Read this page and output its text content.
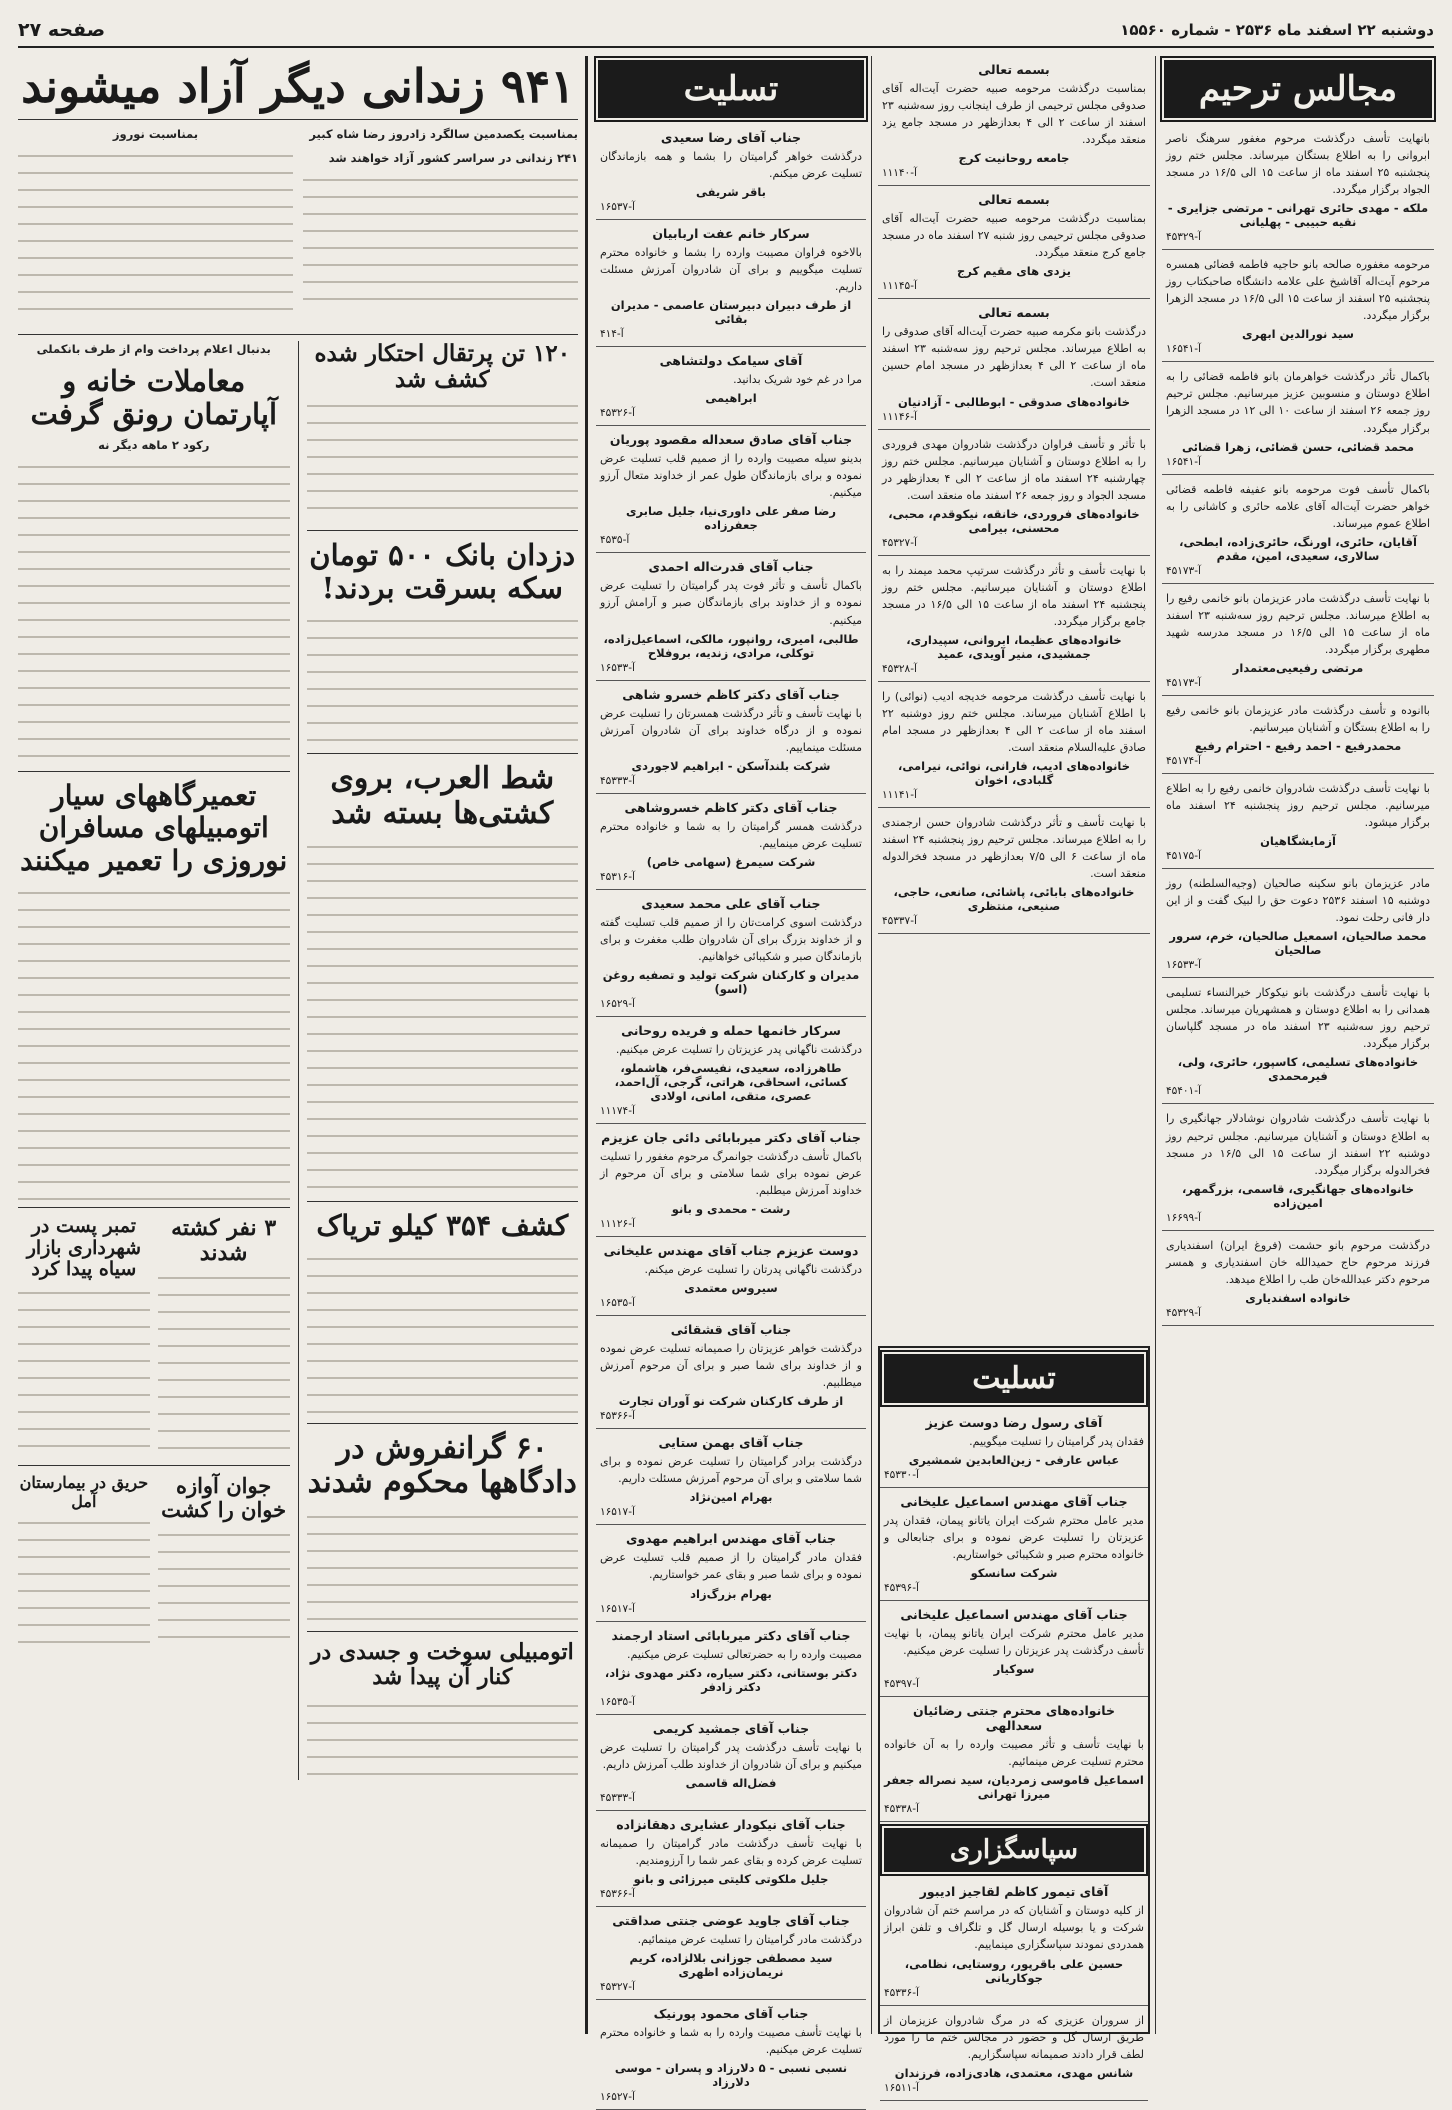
دوشنبه ۲۲ اسفند ماه ۲۵۳۶ - شماره ۱۵۵۶۰
صفحه ۲۷
مجالس ترحیم
بانهایت تأسف درگذشت مرحوم مغفور سرهنگ ناصر ابروانی را به اطلاع بستگان میرساند. مجلس ختم روز پنجشنبه ۲۵ اسفند ماه از ساعت ۱۵ الی ۱۶/۵ در مسجد الجواد برگزار میگردد.
ملکه - مهدی حائری تهرانی - مرتضی جزایری - نقیه حبیبی - پهلیانی
آ-۴۵۳۲۹
مرحومه مغفوره صالحه بانو حاجیه فاطمه قضائی همسره مرحوم آیت‌اله آقا‌شیخ علی علامه دانشگاه صاحبکتاب روز پنجشنبه ۲۵ اسفند از ساعت ۱۵ الی ۱۶/۵ در مسجد الزهرا برگزار میگردد.
سید نورالدین ابهری
آ-۱۶۵۴۱
باکمال تأثر درگذشت خواهرمان بانو فاطمه قضائی را به اطلاع دوستان و منسوبین عزیز میرسانیم. مجلس ترحیم روز جمعه ۲۶ اسفند از ساعت ۱۰ الی ۱۲ در مسجد الزهرا برگزار میگردد.
محمد قضائی، حسن قضائی، زهرا قضائی
آ-۱۶۵۴۱
باکمال تأسف فوت مرحومه بانو عفیفه فاطمه قضائی خواهر حضرت آیت‌اله آقای علامه حائری و کاشانی را به اطلاع عموم میرساند.
آقایان، حائری، اورنگ، حائری‌زاده، ابطحی، سالاری، سعیدی، امین، مقدم
آ-۴۵۱۷۳
با نهایت تأسف درگذشت مادر عزیزمان بانو خانمی رفیع را به اطلاع میرساند. مجلس ترحیم روز سه‌شنبه ۲۳ اسفند ماه از ساعت ۱۵ الی ۱۶/۵ در مسجد مدرسه شهید مطهری برگزار میگردد.
مرتضی رفیعیی‌معتمدار
آ-۴۵۱۷۳
باانوده و تأسف درگذشت مادر عزیزمان بانو خانمی رفیع را به اطلاع بستگان و آشنایان میرسانیم.
محمدرفیع - احمد رفیع - احترام رفیع
آ-۴۵۱۷۴
با نهایت تأسف درگذشت شادروان خانمی رفیع را به اطلاع میرسانیم. مجلس ترحیم روز پنجشنبه ۲۴ اسفند ماه برگزار میشود.
آزمایشگاهیان
آ-۴۵۱۷۵
مادر عزیزمان بانو سکینه صالحیان (وجیه‌السلطنه) روز دوشنبه ۱۵ اسفند ۲۵۳۶ دعوت حق را لبیک گفت و از این دار فانی رحلت نمود.
محمد صالحیان، اسمعیل صالحیان، خرم، سرور صالحیان
آ-۱۶۵۳۳
با نهایت تأسف درگذشت بانو نیکوکار خیرالنساء تسلیمی همدانی را به اطلاع دوستان و همشهریان میرساند. مجلس ترحیم روز سه‌شنبه ۲۳ اسفند ماه در مسجد گلپاسان برگزار میگردد.
خانواده‌های تسلیمی، کاسپور، حائری، ولی، فیرمحمدی
آ-۴۵۴۰۱
با نهایت تأسف درگذشت شادروان نوشادلار جهانگیری را به اطلاع دوستان و آشنایان میرسانیم. مجلس ترحیم روز دوشنبه ۲۲ اسفند از ساعت ۱۵ الی ۱۶/۵ در مسجد فخرالدوله برگزار میگردد.
خانواده‌های جهانگیری، قاسمی، بزرگمهر، امین‌زاده
آ-۱۶۶۹۹
درگذشت مرحوم بانو حشمت (فروغ ایران) اسفندیاری فرزند مرحوم حاج حمیدالله خان اسفندیاری و همسر مرحوم دکتر عبدالله‌خان طب را اطلاع میدهد.
خانواده اسفندیاری
آ-۴۵۳۲۹
بسمه تعالی
بمناسبت درگذشت مرحومه صبیه حضرت آیت‌اله آقای صدوقی مجلس ترحیمی از طرف اینجانب روز سه‌شنبه ۲۳ اسفند از ساعت ۲ الی ۴ بعدازظهر در مسجد جامع یزد منعقد میگردد.
جامعه روحانیت کرج
آ-۱۱۱۴۰
بسمه تعالی
بمناسبت درگذشت مرحومه صبیه حضرت آیت‌اله آقای صدوقی مجلس ترحیمی روز شنبه ۲۷ اسفند ماه در مسجد جامع کرج منعقد میگردد.
یزدی های مقیم کرج
آ-۱۱۱۴۵
بسمه تعالی
درگذشت بانو مکرمه صبیه حضرت آیت‌اله آقای صدوقی را به اطلاع میرساند. مجلس ترحیم روز سه‌شنبه ۲۳ اسفند ماه از ساعت ۲ الی ۴ بعدازظهر در مسجد امام حسین منعقد است.
خانواده‌های صدوقی - ابوطالبی - آزادنیان
آ-۱۱۱۴۶
با تأثر و تأسف فراوان درگذشت شادروان مهدی فروردی را به اطلاع دوستان و آشنایان میرسانیم. مجلس ختم روز چهارشنبه ۲۴ اسفند ماه از ساعت ۲ الی ۴ بعدازظهر در مسجد الجواد و روز جمعه ۲۶ اسفند ماه منعقد است.
خانواده‌های فروردی، خانقه، نیکوقدم، محبی، محسنی، بیرامی
آ-۴۵۳۲۷
با نهایت تأسف و تأثر درگذشت سرتیپ محمد میمند را به اطلاع دوستان و آشنایان میرسانیم. مجلس ختم روز پنجشنبه ۲۴ اسفند ماه از ساعت ۱۵ الی ۱۶/۵ در مسجد جامع برگزار میگردد.
خانواده‌های عظیما، ابروانی، سپیداری، جمشیدی، منیر آویدی، عمید
آ-۴۵۳۲۸
با نهایت تأسف درگذشت مرحومه خدیجه ادیب (نوائی) را با اطلاع آشنایان میرساند. مجلس ختم روز دوشنبه ۲۲ اسفند ماه از ساعت ۲ الی ۴ بعدازظهر در مسجد امام صادق علیه‌السلام منعقد است.
خانواده‌های ادیب، فارانی، نوائی، نیرامی، گلبادی، اخوان
آ-۱۱۱۴۱
با نهایت تأسف و تأثر درگذشت شادروان حسن ارجمندی را به اطلاع میرساند. مجلس ترحیم روز پنجشنبه ۲۴ اسفند ماه از ساعت ۶ الی ۷/۵ بعدازظهر در مسجد فخرالدوله منعقد است.
خانواده‌های بابائی، پاشائی، صانعی، حاجی، صنیعی، منتظری
آ-۴۵۳۳۷
تسلیت
جناب آقای رضا سعیدی
درگذشت خواهر گرامیتان را بشما و همه بازماندگان تسلیت عرض میکنم.
باقر شریفی
آ-۱۶۵۳۷
سرکار خانم عفت اربابیان
بالاخوه فراوان مصیبت وارده را بشما و خانواده محترم تسلیت میگوییم و برای آن شادروان آمرزش مسئلت داریم.
از طرف دبیران دبیرستان عاصمی - مدیران بقائی
آ-۴۱۴
آقای سیامک دولتشاهی
مرا در غم خود شریک بدانید.
ابراهیمی
آ-۴۵۳۲۶
جناب آقای صادق سعداله مقصود پوریان
بدینو سیله مصیبت وارده را از صمیم قلب تسلیت عرض نموده و برای بازماندگان طول عمر از خداوند متعال آرزو میکنیم.
رضا صفر علی داوری‌نیا، جلیل صابری جعفرزاده
آ-۴۵۳۵
جناب آقای قدرت‌اله احمدی
باکمال تأسف و تأثر فوت پدر گرامیتان را تسلیت عرض نموده و از خداوند برای بازماندگان صبر و آرامش آرزو میکنیم.
طالبی، امیری، روانپور، مالکی، اسماعیل‌زاده، توکلی، مرادی، زندیه، بروفلاح
آ-۱۶۵۳۳
جناب آقای دکتر کاظم خسرو شاهی
با نهایت تأسف و تأثر درگذشت همسرتان را تسلیت عرض نموده و از درگاه خداوند برای آن شادروان آمرزش مسئلت مینماییم.
شرکت بلند‌آسکن - ابراهیم لاجوردی
آ-۴۵۳۳۳
جناب آقای دکتر کاظم خسروشاهی
درگذشت همسر گرامیتان را به شما و خانواده محترم تسلیت عرض مینماییم.
شرکت سیمرغ (سهامی خاص)
آ-۴۵۳۱۶
جناب آقای علی محمد سعیدی
درگذشت اسوی کرامت‌تان را از صمیم قلب تسلیت گفته و از خداوند بزرگ برای آن شادروان طلب مغفرت و برای بازماندگان صبر و شکیبائی خواهانیم.
مدیران و کارکنان شرکت تولید و تصفیه روغن (اسو)
آ-۱۶۵۲۹
سرکار خانمها حمله و فریده روحانی
درگذشت ناگهانی پدر عزیزتان را تسلیت عرض میکنیم.
طاهرزاده، سعیدی، نفیسی‌فر، هاشملو، کسائی، اسحاقی، هراتی، گرجی، آل‌احمد، عصری، متقی، امانی، اولادی
آ-۱۱۱۷۴
جناب آقای دکتر میربابائی دائی جان عزیزم
باکمال تأسف درگذشت جوانمرگ مرحوم مغفور را تسلیت عرض نموده برای شما سلامتی و برای آن مرحوم از خداوند آمرزش میطلبم.
رشت - محمدی و بانو
آ-۱۱۱۲۶
دوست عزیزم جناب آقای مهندس علیخانی
درگذشت ناگهانی پدرتان را تسلیت عرض میکنم.
سیروس معتمدی
آ-۱۶۵۳۵
جناب آقای قشقائی
درگذشت خواهر عزیزتان را صمیمانه تسلیت عرض نموده و از خداوند برای شما صبر و برای آن مرحوم آمرزش میطلبیم.
از طرف کارکنان شرکت نو آوران تجارت
آ-۴۵۳۶۶
جناب آقای بهمن ستایی
درگذشت برادر گرامیتان را تسلیت عرض نموده و برای شما سلامتی و برای آن مرحوم آمرزش مسئلت داریم.
بهرام امین‌نژاد
آ-۱۶۵۱۷
جناب آقای مهندس ابراهیم مهدوی
فقدان مادر گرامیتان را از صمیم قلب تسلیت عرض نموده و برای شما صبر و بقای عمر خواستاریم.
بهرام بزرگ‌زاد
آ-۱۶۵۱۷
جناب آقای دکتر میربابائی استاد ارجمند
مصیبت وارده را به حضرتعالی تسلیت عرض میکنیم.
دکتر بوستانی، دکتر سیاره، دکتر مهدوی نژاد، دکتر زادفر
آ-۱۶۵۳۵
جناب آقای جمشید کریمی
با نهایت تأسف درگذشت پدر گرامیتان را تسلیت عرض میکنیم و برای آن شادروان از خداوند طلب آمرزش داریم.
فضل‌اله قاسمی
آ-۴۵۳۳۳
جناب آقای نیکودار عشایری دهقانزاده
با نهایت تأسف درگذشت مادر گرامیتان را صمیمانه تسلیت عرض کرده و بقای عمر شما را آرزومندیم.
جلیل ملکوتی کلیتی میرزائی و بانو
آ-۴۵۳۶۶
جناب آقای جاوید عوضی جنتی صداقتی
درگذشت مادر گرامیتان را تسلیت عرض مینمائیم.
سید مصطفی جوزانی بلالزاده، کریم نریمان‌زاده اظهری
آ-۴۵۳۲۷
جناب آقای محمود پورنیک
با نهایت تأسف مصیبت وارده را به شما و خانواده محترم تسلیت عرض میکنیم.
نسبی نسبی - ۵ دلارزاد و پسران - موسی دلارزاد
آ-۱۶۵۲۷
تسلیت
آقای رسول رضا دوست عزیز
فقدان پدر گرامیتان را تسلیت میگوییم.
عباس عارفی - زین‌العابدین شمشیری
آ-۴۵۳۳۰
جناب آقای مهندس اسماعیل علیخانی
مدیر عامل محترم شرکت ایران یاتانو پیمان، فقدان پدر عزیزتان را تسلیت عرض نموده و برای جنابعالی و خانواده محترم صبر و شکیبائی خواستاریم.
شرکت سانسکو
آ-۴۵۳۹۶
جناب آقای مهندس اسماعیل علیخانی
مدیر عامل محترم شرکت ایران یاتانو پیمان، با نهایت تأسف درگذشت پدر عزیزتان را تسلیت عرض میکنیم.
سوکیار
آ-۴۵۳۹۷
خانواده‌های محترم جنتی رضائیان سعدالهی
با نهایت تأسف و تأثر مصیبت وارده را به آن خانواده محترم تسلیت عرض مینمائیم.
اسماعیل قاموسی زمردیان، سید نصراله جعفر میرزا تهرانی
آ-۴۵۳۳۸
سپاسگزاری
آقای تیمور کاظم لقاجیز ادیبور
از کلیه دوستان و آشنایان که در مراسم ختم آن شادروان شرکت و یا بوسیله ارسال گل و تلگراف و تلفن ابراز همدردی نمودند سپاسگزاری مینماییم.
حسین علی باقرپور، روستایی، نظامی، جوکاریانی
آ-۴۵۳۳۶
از سروران عزیزی که در مرگ شادروان عزیزمان از طریق ارسال گل و حضور در مجالس ختم ما را مورد لطف قرار دادند صمیمانه سپاسگزاریم.
شانس مهدی، معتمدی، هادی‌زاده، فرزندان
آ-۱۶۵۱۱
۹۴۱ زندانی دیگر آزاد میشوند

بمناسبت یکصدمین سالگرد زادروز رضا شاه کبیر

۲۴۱ زندانی در سراسر کشور آزاد خواهند شد

بمناسبت نوروز

۱۲۰ تن پرتقال احتکار شده کشف شد
دزدان بانک ۵۰۰ تومان سکه بسرقت بردند!
شط العرب، بروی کشتی‌ها بسته شد
کشف ۳۵۴ کیلو تریاک
۶۰ گرانفروش در دادگاهها محکوم شدند
اتومبیلی سوخت و جسدی در کنار آن پیدا شد
بدنبال اعلام پرداخت وام از طرف بانکملی
معاملات خانه و آپارتمان رونق گرفت
رکود ۲ ماهه دیگر نه
تعمیرگاههای سیار اتومبیلهای مسافران نوروزی را تعمیر میکنند
۳ نفر کشته شدند
تمبر پست در شهرداری بازار سیاه پیدا کرد
جوان آوازه خوان را کشت
حریق در بیمارستان آمل
